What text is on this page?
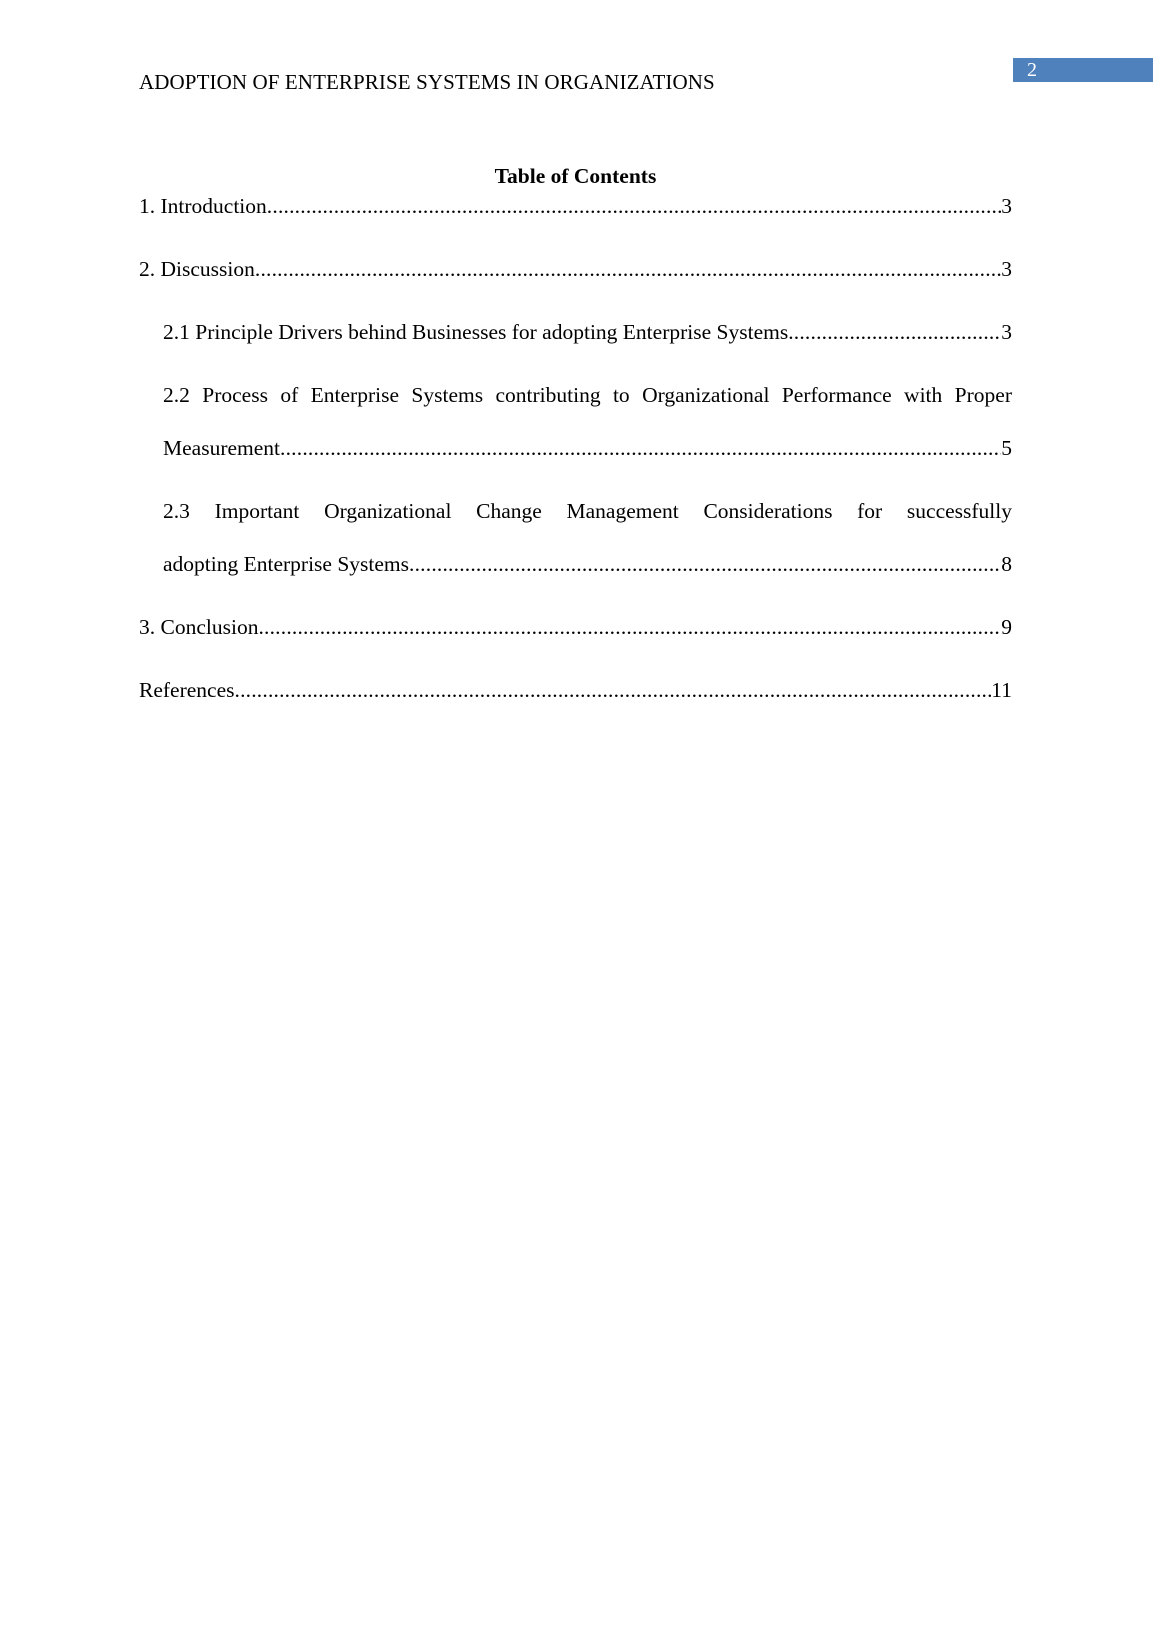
2
ADOPTION OF ENTERPRISE SYSTEMS IN ORGANIZATIONS
Table of Contents
1. Introduction .....	3
2. Discussion .....	3
2.1 Principle Drivers behind Businesses for adopting Enterprise Systems .....	3
2.2 Process of Enterprise Systems contributing to Organizational Performance with Proper
Measurement .....	5
2.3 Important Organizational Change Management Considerations for successfully
adopting Enterprise Systems .....	8
3. Conclusion .....	9
References .....	11
